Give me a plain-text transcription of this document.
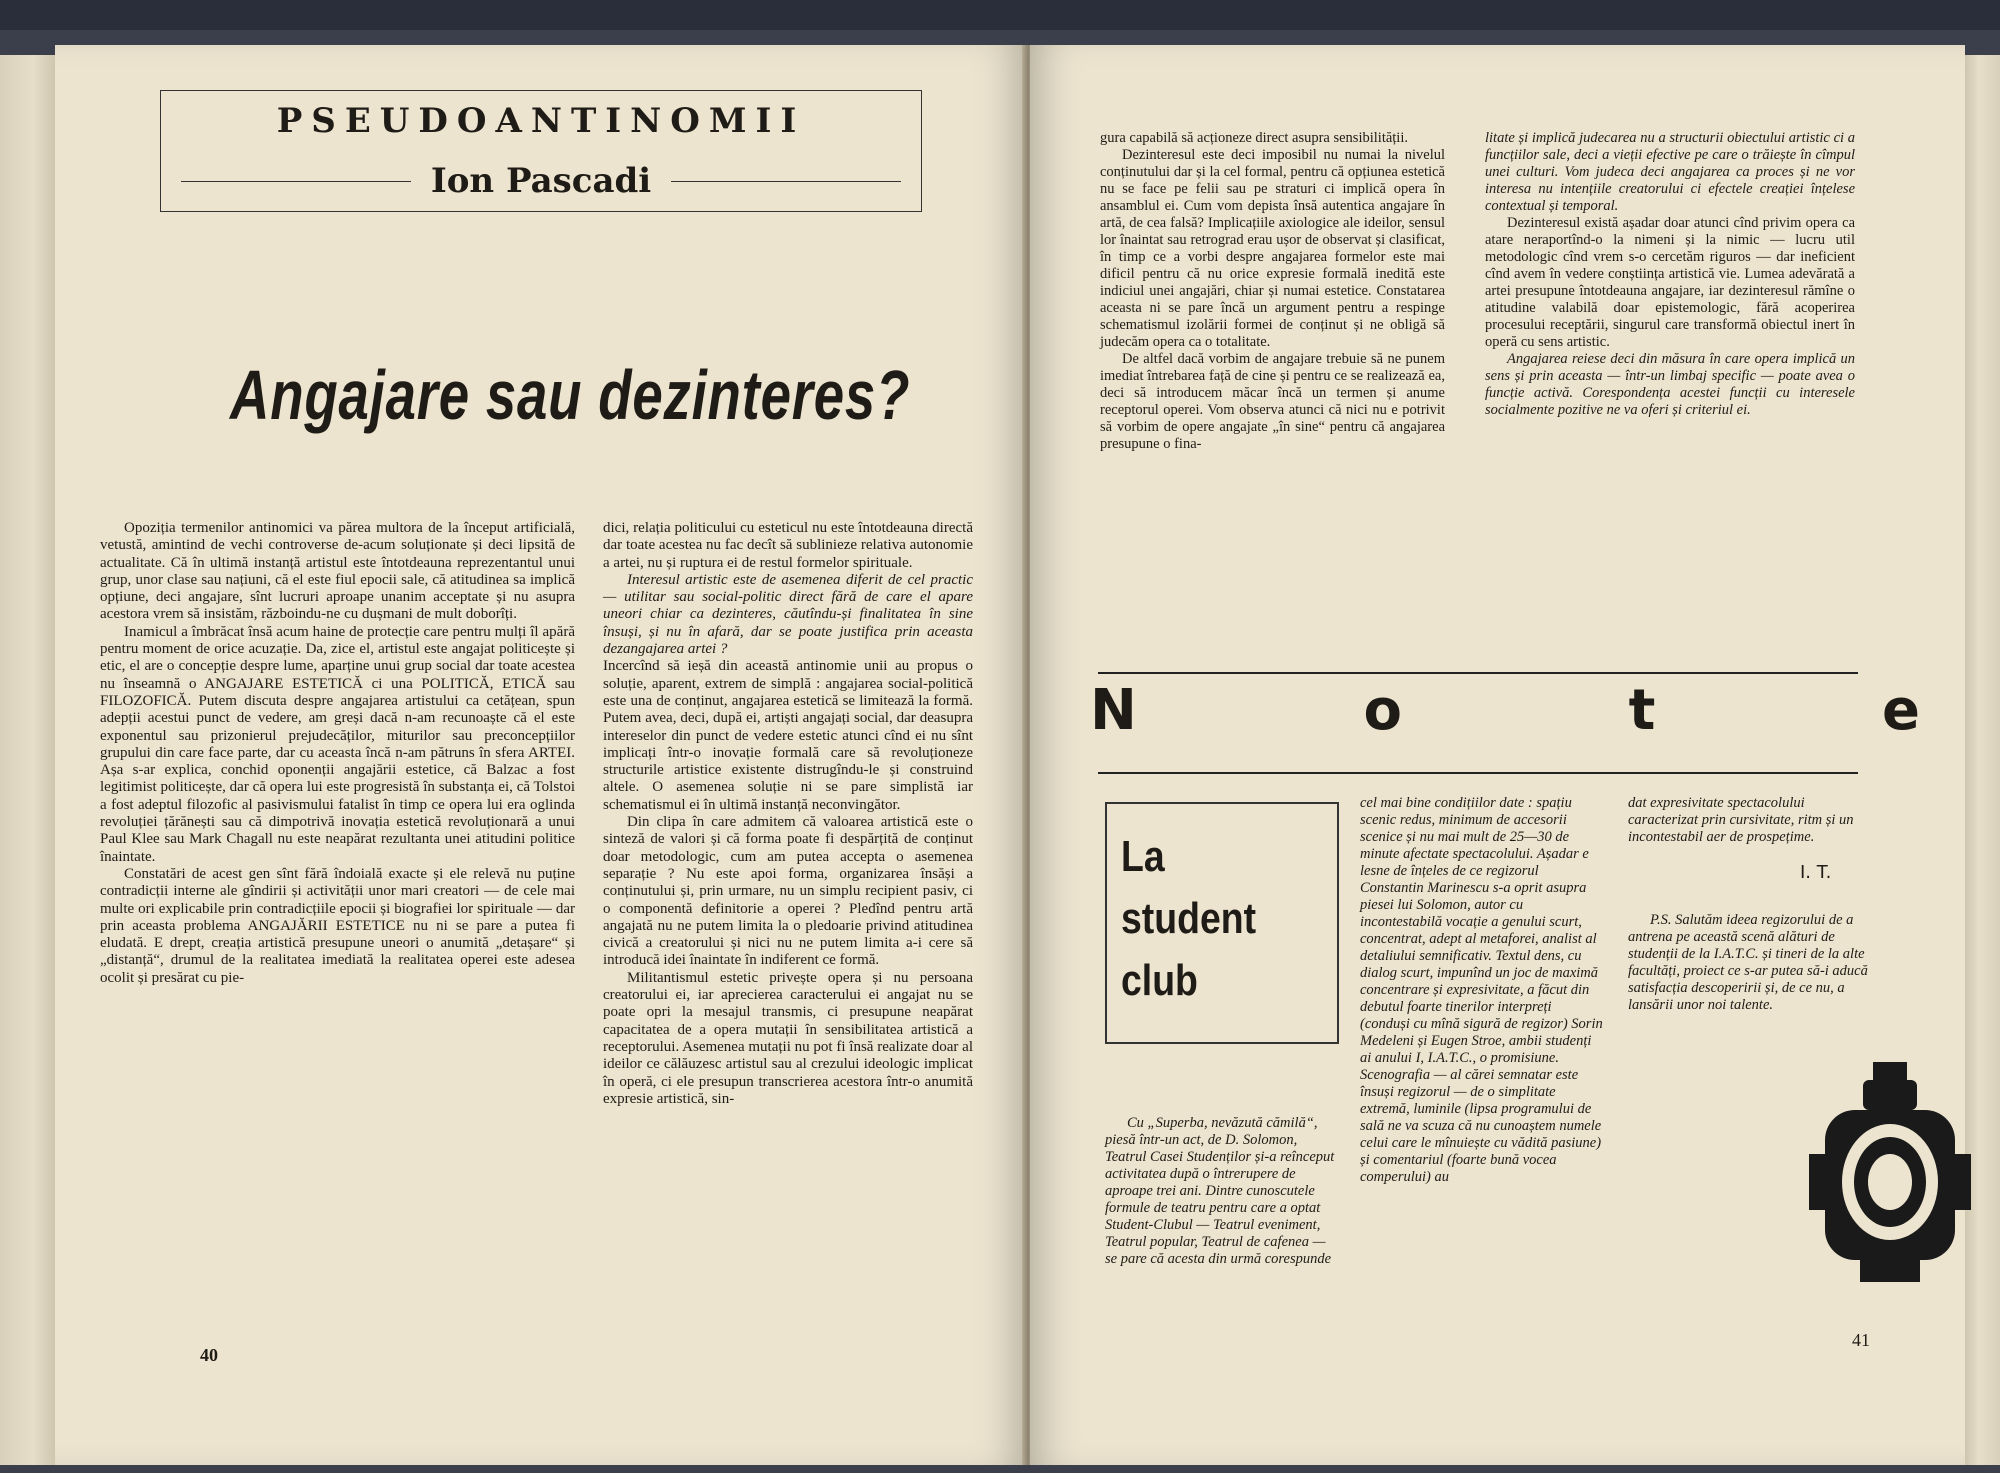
PSEUDOANTINOMII
Ion Pascadi
Angajare sau dezinteres?

Opoziția termenilor antinomici va părea multora de la început artificială, vetustă, amintind de vechi controverse de-acum soluționate și deci lipsită de actualitate. Că în ultimă instanță artistul este întotdeauna reprezentantul unui grup, unor clase sau națiuni, că el este fiul epocii sale, că atitudinea sa implică opțiune, deci angajare, sînt lucruri aproape unanim acceptate și nu asupra acestora vrem să insistăm, războindu-ne cu dușmani de mult doborîți.

Inamicul a îmbrăcat însă acum haine de protecție care pentru mulți îl apără pentru moment de orice acuzație. Da, zice el, artistul este angajat politicește și etic, el are o concepție despre lume, aparține unui grup social dar toate acestea nu înseamnă o ANGAJARE ESTETICĂ ci una POLITICĂ, ETICĂ sau FILOZOFICĂ. Putem discuta despre angajarea artistului ca cetățean, spun adepții acestui punct de vedere, am greși dacă n-am recunoaște că el este exponentul sau prizonierul prejudecăților, miturilor sau preconcepțiilor grupului din care face parte, dar cu aceasta încă n-am pătruns în sfera ARTEI. Așa s-ar explica, conchid oponenții angajării estetice, că Balzac a fost legitimist politicește, dar că opera lui este progresistă în substanța ei, că Tolstoi a fost adeptul filozofic al pasivismului fatalist în timp ce opera lui era oglinda revoluției țărănești sau că dimpotrivă inovația estetică revoluționară a unui Paul Klee sau Mark Chagall nu este neapărat rezultanta unei atitudini politice înaintate.

Constatări de acest gen sînt fără îndoială exacte și ele relevă nu puține contradicții interne ale gîndirii și activității unor mari creatori — de cele mai multe ori explicabile prin contradicțiile epocii și biografiei lor spirituale — dar prin aceasta problema ANGAJĂRII ESTETICE nu ni se pare a putea fi eludată. E drept, creația artistică presupune uneori o anumită „detașare“ și „distanță“, drumul de la realitatea imediată la realitatea operei este adesea ocolit și presărat cu pie-

dici, relația politicului cu esteticul nu este întotdeauna directă dar toate acestea nu fac decît să sublinieze relativa autonomie a artei, nu și ruptura ei de restul formelor spirituale.

Interesul artistic este de asemenea diferit de cel practic — utilitar sau social-politic direct fără de care el apare uneori chiar ca dezinteres, căutîndu-și finalitatea în sine însuși, și nu în afară, dar se poate justifica prin aceasta dezangajarea artei ?

Incercînd să ieșă din această antinomie unii au propus o soluție, aparent, extrem de simplă : angajarea social-politică este una de conținut, angajarea estetică se limitează la formă. Putem avea, deci, după ei, artiști angajați social, dar deasupra intereselor din punct de vedere estetic atunci cînd ei nu sînt implicați într-o inovație formală care să revoluționeze structurile artistice existente distrugîndu-le și construind altele. O asemenea soluție ni se pare simplistă iar schematismul ei în ultimă instanță neconvingător.

Din clipa în care admitem că valoarea artistică este o sinteză de valori și că forma poate fi despărțită de conținut doar metodologic, cum am putea accepta o asemenea separație ? Nu este apoi forma, organizarea însăși a conținutului și, prin urmare, nu un simplu recipient pasiv, ci o componentă definitorie a operei ? Pledînd pentru artă angajată nu ne putem limita la o pledoarie privind atitudinea civică a creatorului și nici nu ne putem limita a-i cere să introducă idei înaintate în indiferent ce formă.

Militantismul estetic privește opera și nu persoana creatorului ei, iar aprecierea caracterului ei angajat nu se poate opri la mesajul transmis, ci presupune neapărat capacitatea de a opera mutații în sensibilitatea artistică a receptorului. Asemenea mutații nu pot fi însă realizate doar al ideilor ce călăuzesc artistul sau al crezului ideologic implicat în operă, ci ele presupun transcrierea acestora într-o anumită expresie artistică, sin-

40

gura capabilă să acționeze direct asupra sensibilității.

Dezinteresul este deci imposibil nu numai la nivelul conținutului dar și la cel formal, pentru că opțiunea estetică nu se face pe felii sau pe straturi ci implică opera în ansamblul ei. Cum vom depista însă autentica angajare în artă, de cea falsă? Implicațiile axiologice ale ideilor, sensul lor înaintat sau retrograd erau ușor de observat și clasificat, în timp ce a vorbi despre angajarea formelor este mai dificil pentru că nu orice expresie formală inedită este indiciul unei angajări, chiar și numai estetice. Constatarea aceasta ni se pare încă un argument pentru a respinge schematismul izolării formei de conținut și ne obligă să judecăm opera ca o totalitate.

De altfel dacă vorbim de angajare trebuie să ne punem imediat întrebarea față de cine și pentru ce se realizează ea, deci să introducem măcar încă un termen și anume receptorul operei. Vom observa atunci că nici nu e potrivit să vorbim de opere angajate „în sine“ pentru că angajarea presupune o fina-

litate și implică judecarea nu a structurii obiectului artistic ci a funcțiilor sale, deci a vieții efective pe care o trăiește în cîmpul unei culturi. Vom judeca deci angajarea ca proces și ne vor interesa nu intențiile creatorului ci efectele creației înțelese contextual și temporal.

Dezinteresul există așadar doar atunci cînd privim opera ca atare neraportînd-o la nimeni și la nimic — lucru util metodologic cînd vrem s-o cercetăm riguros — dar ineficient cînd avem în vedere conștiința artistică vie. Lumea adevărată a artei presupune întotdeauna angajare, iar dezinteresul rămîne o atitudine valabilă doar epistemologic, fără acoperirea procesului receptării, singurul care transformă obiectul inert în operă cu sens artistic.

Angajarea reiese deci din măsura în care opera implică un sens și prin aceasta — într-un limbaj specific — poate avea o funcție activă. Corespondența acestei funcții cu interesele socialmente pozitive ne va oferi și criteriul ei.

N	o	t	e
La
student
club

Cu „Superba, nevăzută cămilă“, piesă într-un act, de D. Solomon, Teatrul Casei Studenților și-a reînceput activitatea după o întrerupere de aproape trei ani. Dintre cunoscutele formule de teatru pentru care a optat Student-Clubul — Teatrul eveniment, Teatrul popular, Teatrul de cafenea — se pare că acesta din urmă corespunde

cel mai bine condițiilor date : spațiu scenic redus, minimum de accesorii scenice și nu mai mult de 25—30 de minute afectate spectacolului. Așadar e lesne de înțeles de ce regizorul Constantin Marinescu s-a oprit asupra piesei lui Solomon, autor cu incontestabilă vocație a genului scurt, concentrat, adept al metaforei, analist al detaliului semnificativ. Textul dens, cu dialog scurt, impunînd un joc de maximă concentrare și expresivitate, a făcut din debutul foarte tinerilor interpreți (conduși cu mînă sigură de regizor) Sorin Medeleni și Eugen Stroe, ambii studenți ai anului I, I.A.T.C., o promisiune. Scenografia — al cărei semnatar este însuși regizorul — de o simplitate extremă, luminile (lipsa programului de sală ne va scuza că nu cunoaștem numele celui care le mînuiește cu vădită pasiune) și comentariul (foarte bună vocea comperului) au

dat expresivitate spectacolului caracterizat prin cursivitate, ritm și un incontestabil aer de prospețime.

I. T.

P.S. Salutăm ideea regizorului de a antrena pe această scenă alături de studenții de la I.A.T.C. și tineri de la alte facultăți, proiect ce s-ar putea să-i aducă satisfacția descoperirii și, de ce nu, a lansării unor noi talente.

41
